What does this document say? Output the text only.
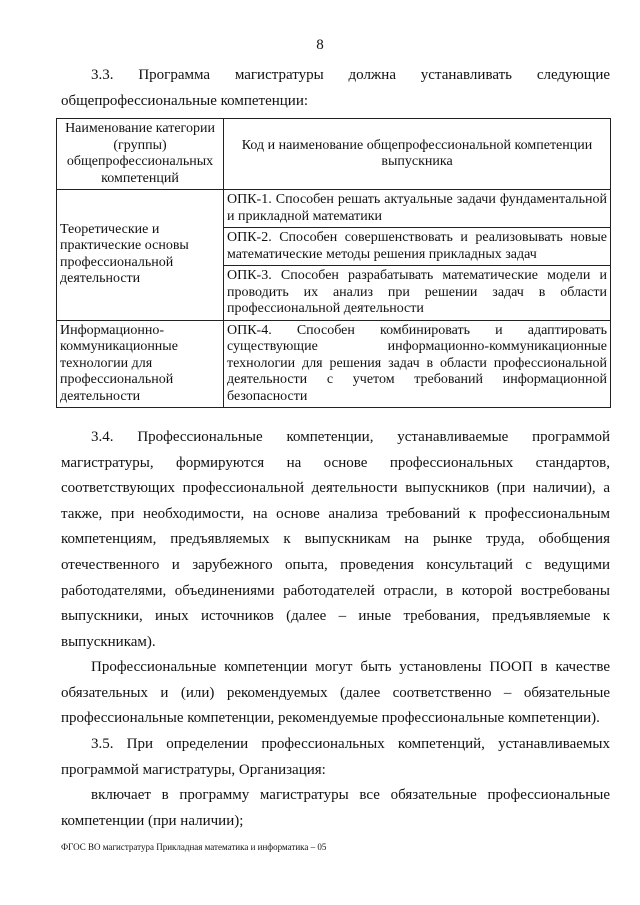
8

3.3. Программа магистратуры должна устанавливать следующие общепрофессиональные компетенции:

Наименование категории (группы) общепрофессиональных компетенций	Код и наименование общепрофессиональной компетенции выпускника
Теоретические и практические основы профессиональной деятельности	ОПК-1. Способен решать актуальные задачи фундаментальной и прикладной математики
	ОПК-2. Способен совершенствовать и реализовывать новые математические методы решения прикладных задач
	ОПК-3. Способен разрабатывать математические модели и проводить их анализ при решении задач в области профессиональной деятельности
Информационно-коммуникационные технологии для профессиональной деятельности	ОПК-4. Способен комбинировать и адаптировать существующие информационно-коммуникационные технологии для решения задач в области профессиональной деятельности с учетом требований информационной безопасности

3.4. Профессиональные компетенции, устанавливаемые программой магистратуры, формируются на основе профессиональных стандартов, соответствующих профессиональной деятельности выпускников (при наличии), а также, при необходимости, на основе анализа требований к профессиональным компетенциям, предъявляемых к выпускникам на рынке труда, обобщения отечественного и зарубежного опыта, проведения консультаций с ведущими работодателями, объединениями работодателей отрасли, в которой востребованы выпускники, иных источников (далее – иные требования, предъявляемые к выпускникам).

Профессиональные компетенции могут быть установлены ПООП в качестве обязательных и (или) рекомендуемых (далее соответственно – обязательные профессиональные компетенции, рекомендуемые профессиональные компетенции).

3.5. При определении профессиональных компетенций, устанавливаемых программой магистратуры, Организация:

включает в программу магистратуры все обязательные профессиональные компетенции (при наличии);

ФГОС ВО магистратура Прикладная математика и информатика – 05
